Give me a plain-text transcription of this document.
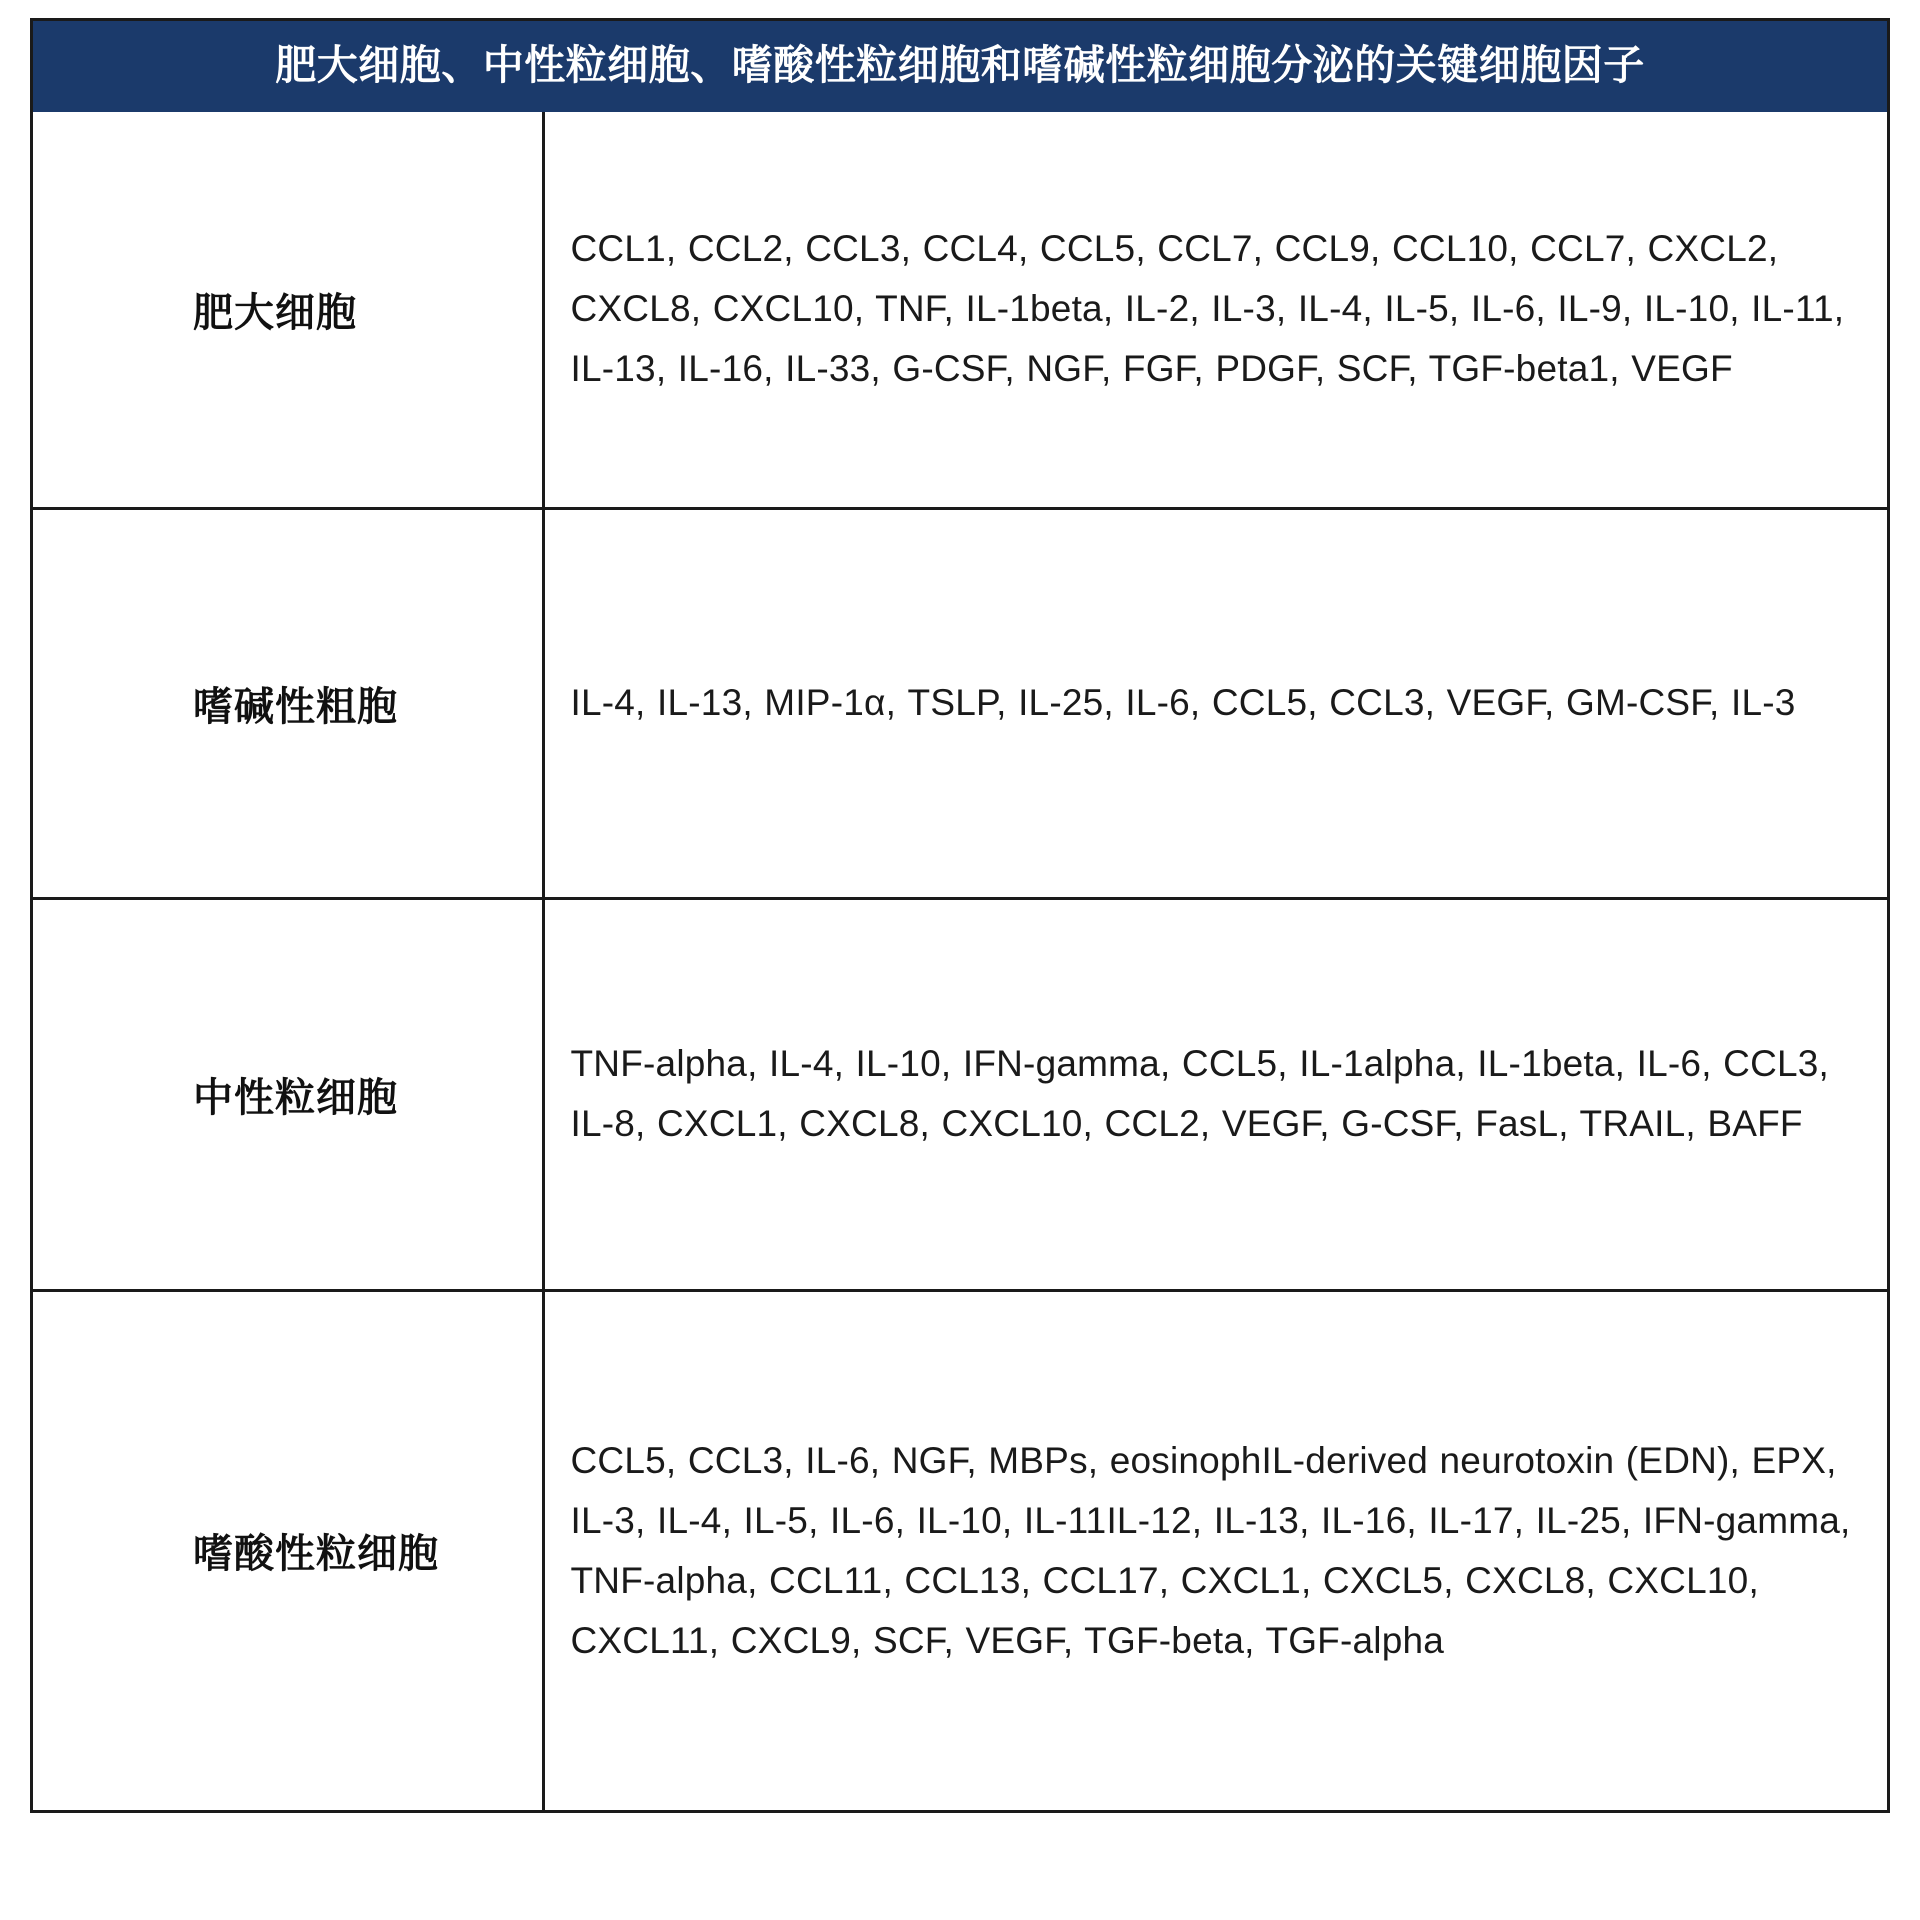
肥大细胞、中性粒细胞、嗜酸性粒细胞和嗜碱性粒细胞分泌的关键细胞因子
肥大细胞	CCL1, CCL2, CCL3, CCL4, CCL5, CCL7, CCL9, CCL10, CCL7, CXCL2, CXCL8, CXCL10, TNF, IL-1beta, IL-2, IL-3, IL-4, IL-5, IL-6, IL-9, IL-10, IL-11, IL-13, IL-16, IL-33, G-CSF, NGF, FGF, PDGF, SCF, TGF-beta1, VEGF
嗜碱性粗胞	IL-4, IL-13, MIP-1α, TSLP, IL-25, IL-6, CCL5, CCL3, VEGF, GM-CSF, IL-3
中性粒细胞	TNF-alpha, IL-4, IL-10, IFN-gamma, CCL5, IL-1alpha, IL-1beta, IL-6, CCL3, IL-8, CXCL1, CXCL8, CXCL10, CCL2, VEGF, G-CSF, FasL, TRAIL, BAFF
嗜酸性粒细胞	CCL5, CCL3, IL-6, NGF, MBPs, eosinophIL-derived neurotoxin (EDN), EPX, IL-3, IL-4, IL-5, IL-6, IL-10, IL-11IL-12, IL-13, IL-16, IL-17, IL-25, IFN-gamma, TNF-alpha, CCL11, CCL13, CCL17, CXCL1, CXCL5, CXCL8, CXCL10, CXCL11, CXCL9, SCF, VEGF, TGF-beta, TGF-alpha
